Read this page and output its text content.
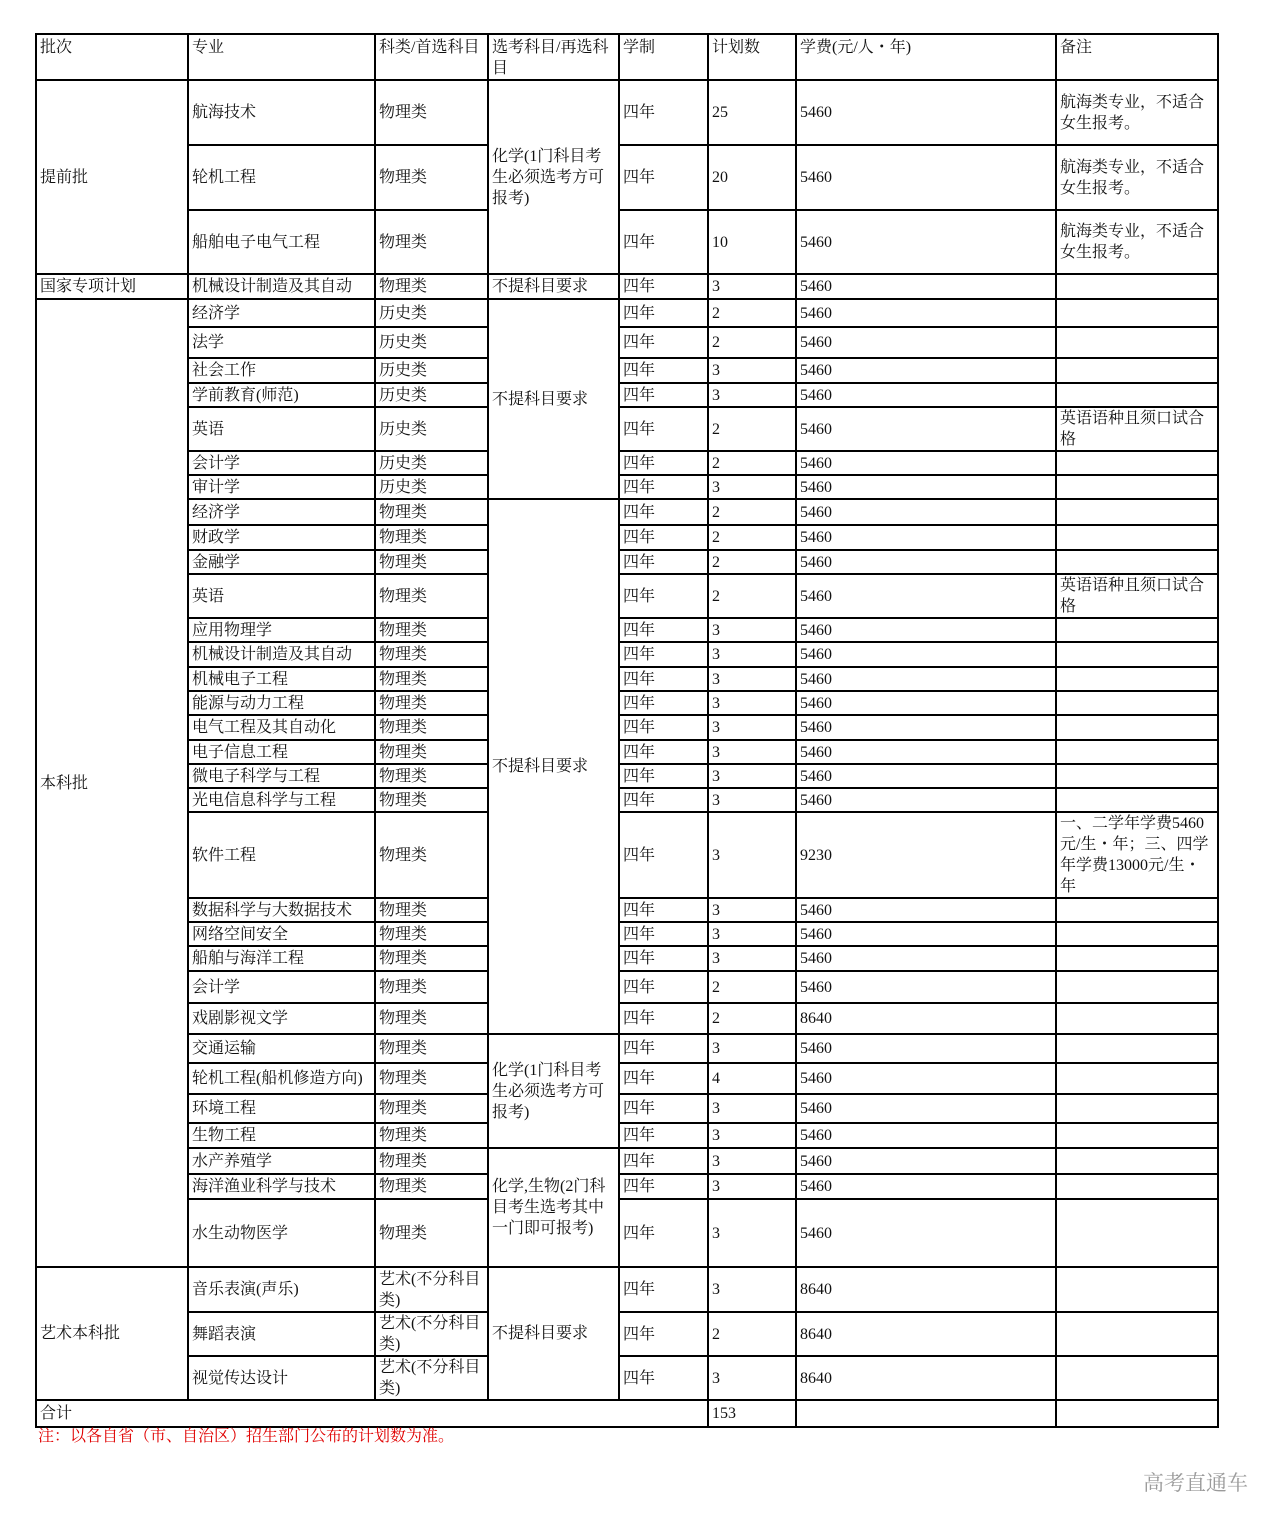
批次	专业	科类/首选科目	选考科目/再选科目	学制	计划数	学费(元/人・年)	备注
提前批	航海技术	物理类	化学(1门科目考生必须选考方可报考)	四年	25	5460	航海类专业，不适合女生报考。
	轮机工程	物理类		四年	20	5460	航海类专业，不适合女生报考。
	船舶电子电气工程	物理类		四年	10	5460	航海类专业，不适合女生报考。
国家专项计划	机械设计制造及其自动	物理类	不提科目要求	四年	3	5460	
本科批	经济学	历史类	不提科目要求	四年	2	5460	
	法学	历史类		四年	2	5460	
	社会工作	历史类		四年	3	5460	
	学前教育(师范)	历史类		四年	3	5460	
	英语	历史类		四年	2	5460	英语语种且须口试合格
	会计学	历史类		四年	2	5460	
	审计学	历史类		四年	3	5460	
	经济学	物理类	不提科目要求	四年	2	5460	
	财政学	物理类		四年	2	5460	
	金融学	物理类		四年	2	5460	
	英语	物理类		四年	2	5460	英语语种且须口试合格
	应用物理学	物理类		四年	3	5460	
	机械设计制造及其自动	物理类		四年	3	5460	
	机械电子工程	物理类		四年	3	5460	
	能源与动力工程	物理类		四年	3	5460	
	电气工程及其自动化	物理类		四年	3	5460	
	电子信息工程	物理类		四年	3	5460	
	微电子科学与工程	物理类		四年	3	5460	
	光电信息科学与工程	物理类		四年	3	5460	
	软件工程	物理类		四年	3	9230	一、二学年学费5460元/生・年；三、四学年学费13000元/生・年
	数据科学与大数据技术	物理类		四年	3	5460	
	网络空间安全	物理类		四年	3	5460	
	船舶与海洋工程	物理类		四年	3	5460	
	会计学	物理类		四年	2	5460	
	戏剧影视文学	物理类		四年	2	8640	
	交通运输	物理类	化学(1门科目考生必须选考方可报考)	四年	3	5460	
	轮机工程(船机修造方向)	物理类		四年	4	5460	
	环境工程	物理类		四年	3	5460	
	生物工程	物理类		四年	3	5460	
	水产养殖学	物理类	化学,生物(2门科目考生选考其中一门即可报考)	四年	3	5460	
	海洋渔业科学与技术	物理类		四年	3	5460	
	水生动物医学	物理类		四年	3	5460	
艺术本科批	音乐表演(声乐)	艺术(不分科目类)	不提科目要求	四年	3	8640	
	舞蹈表演	艺术(不分科目类)		四年	2	8640	
	视觉传达设计	艺术(不分科目类)		四年	3	8640	
合计					153		
注：以各自省（市、自治区）招生部门公布的计划数为准。
高考直通车
